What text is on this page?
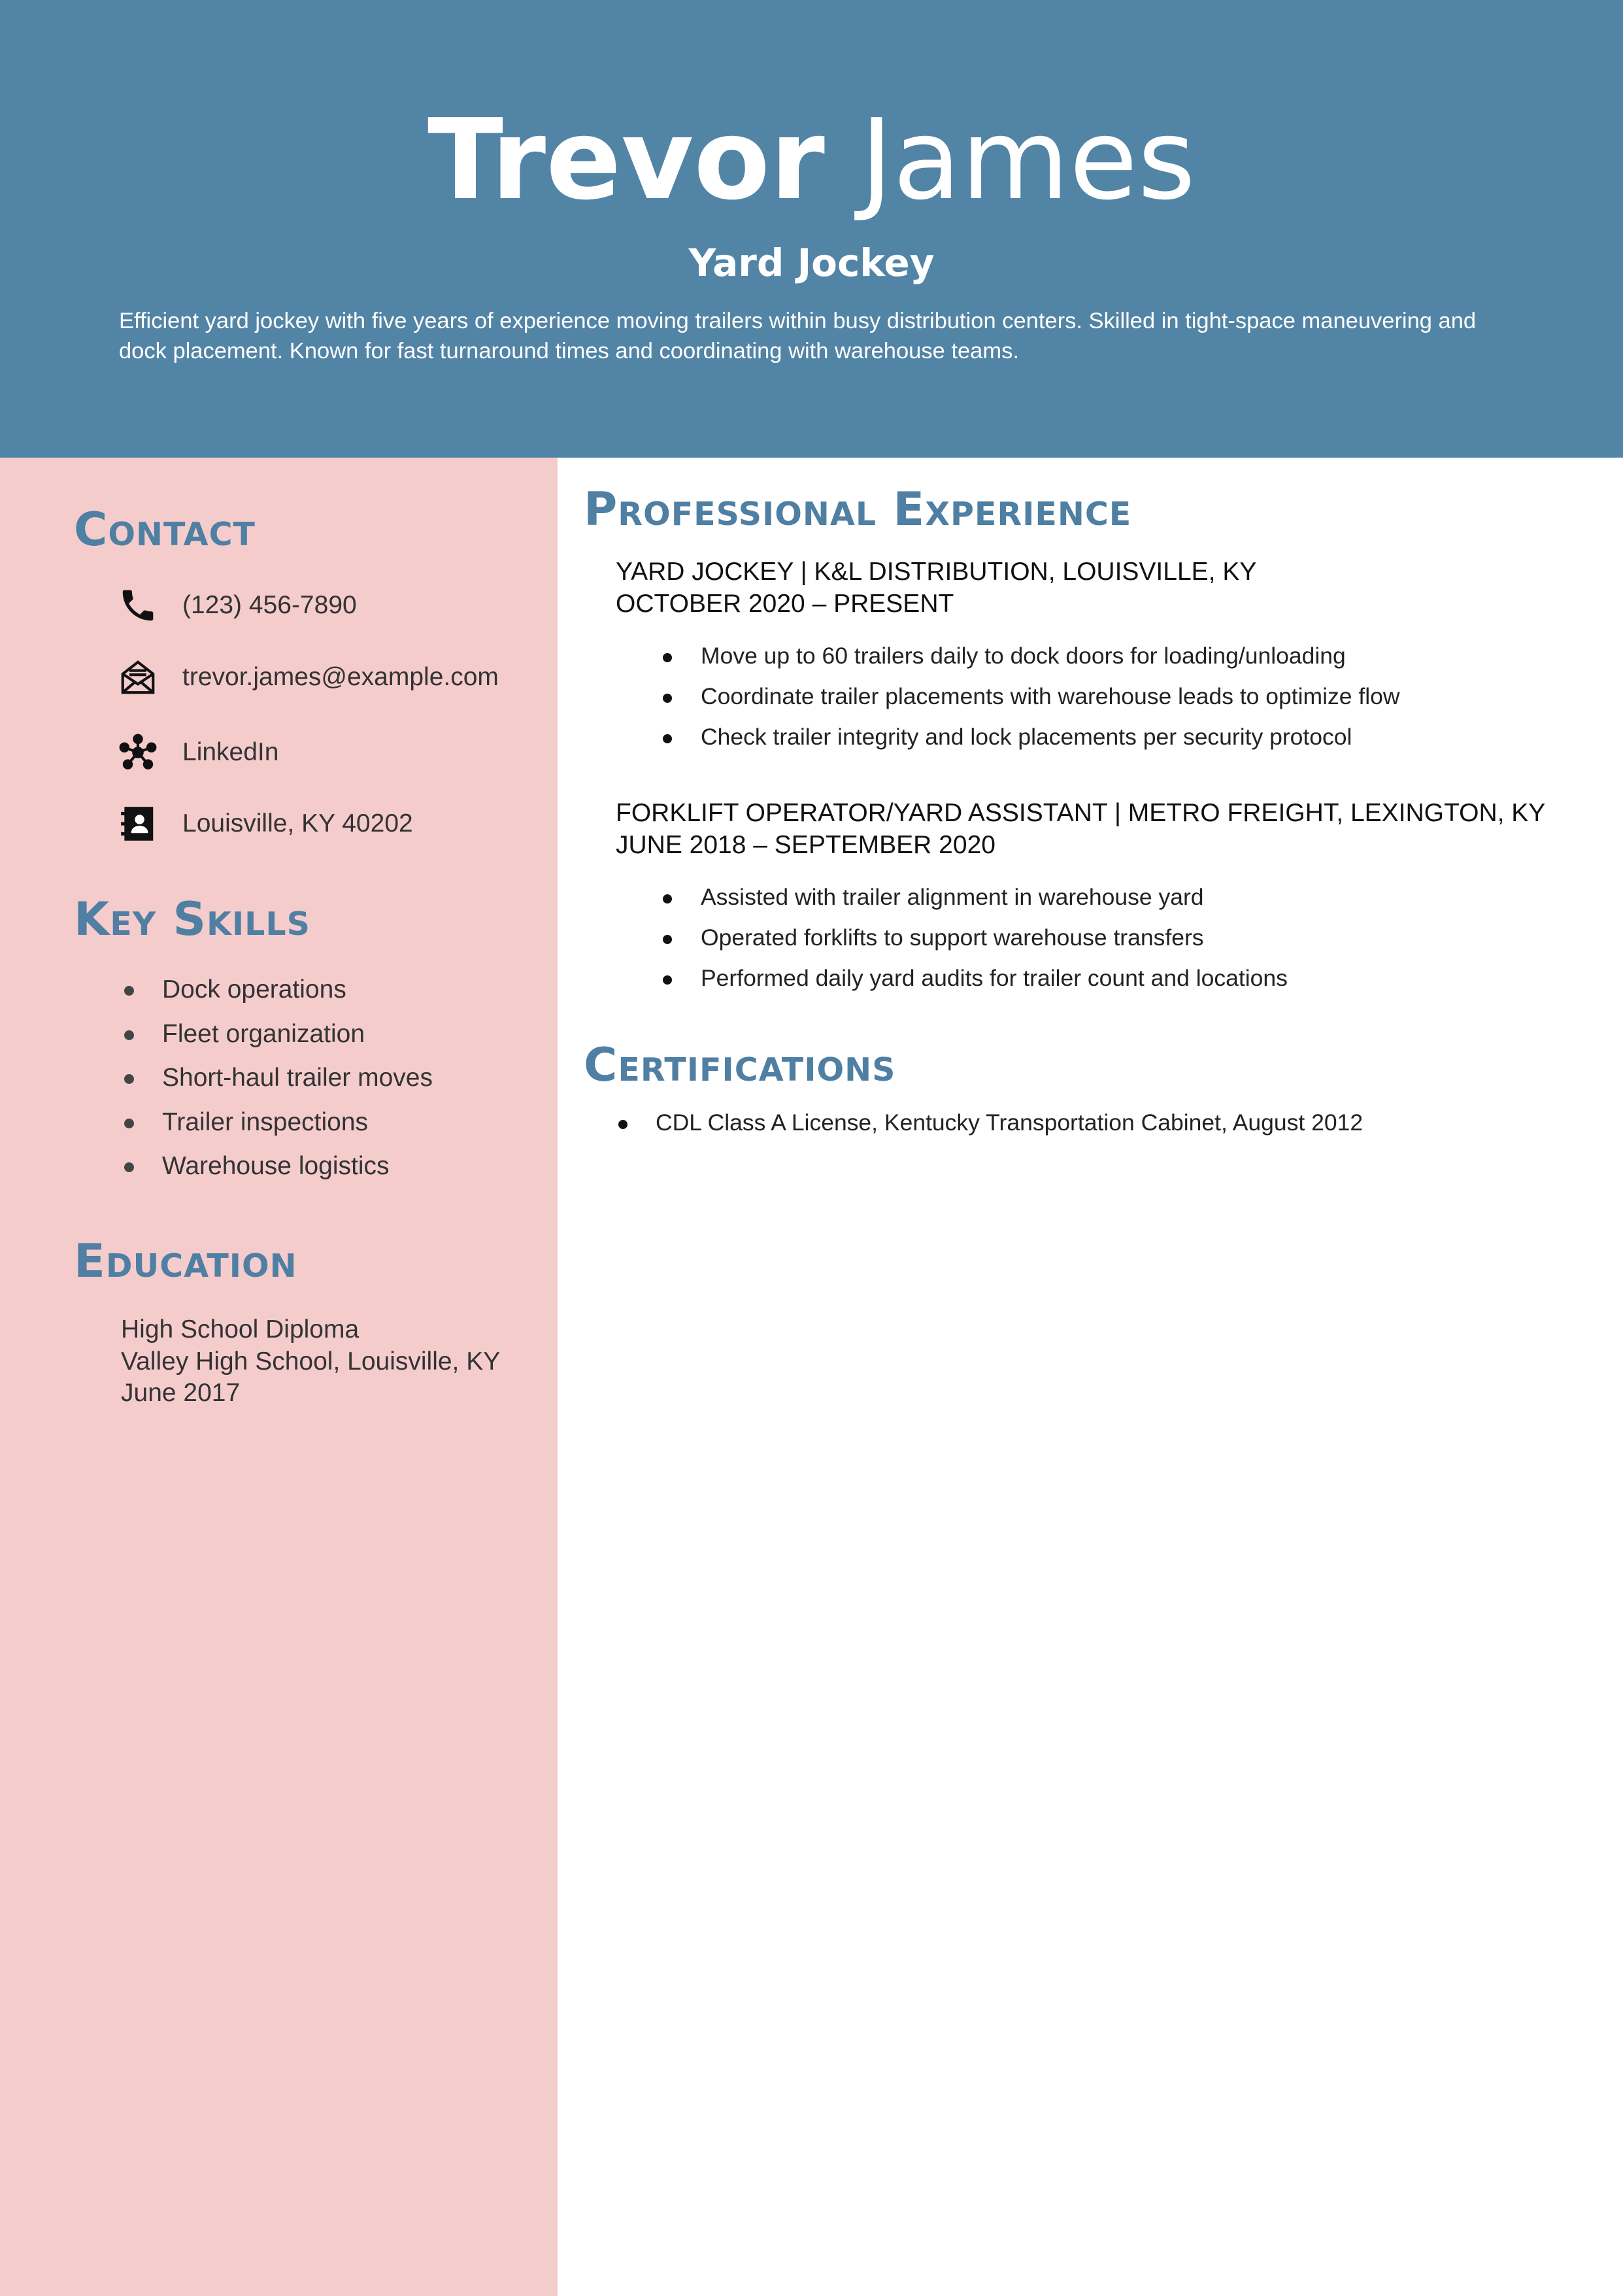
Trevor James
Yard Jockey
Efficient yard jockey with five years of experience moving trailers within busy distribution centers. Skilled in tight-space maneuvering and dock placement. Known for fast turnaround times and coordinating with warehouse teams.
Contact
(123) 456-7890
trevor.james@example.com
LinkedIn
Louisville, KY 40202
Key Skills
Dock operations
Fleet organization
Short-haul trailer moves
Trailer inspections
Warehouse logistics
Education
High School Diploma
Valley High School, Louisville, KY
June 2017
Professional Experience
YARD JOCKEY | K&L DISTRIBUTION, LOUISVILLE, KY
OCTOBER 2020 – PRESENT
Move up to 60 trailers daily to dock doors for loading/unloading
Coordinate trailer placements with warehouse leads to optimize flow
Check trailer integrity and lock placements per security protocol
FORKLIFT OPERATOR/YARD ASSISTANT | METRO FREIGHT, LEXINGTON, KY
JUNE 2018 – SEPTEMBER 2020
Assisted with trailer alignment in warehouse yard
Operated forklifts to support warehouse transfers
Performed daily yard audits for trailer count and locations
Certifications
CDL Class A License, Kentucky Transportation Cabinet, August 2012
